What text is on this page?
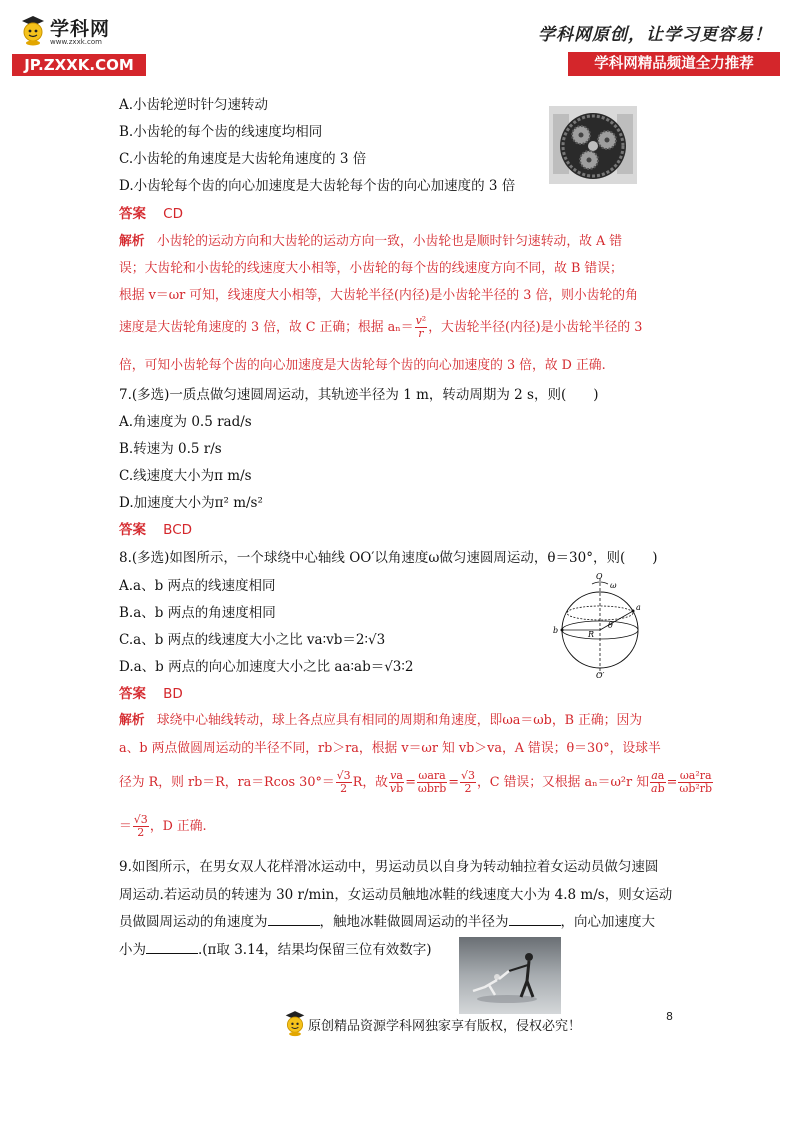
学科网
www.zxxk.com
JP.ZXXK.COM
学科网原创，让学习更容易！
学科网精品频道全力推荐
A.小齿轮逆时针匀速转动
B.小齿轮的每个齿的线速度均相同
C.小齿轮的角速度是大齿轮角速度的 3 倍
D.小齿轮每个齿的向心加速度是大齿轮每个齿的向心加速度的 3 倍
答案 CD
解析 小齿轮的运动方向和大齿轮的运动方向一致，小齿轮也是顺时针匀速转动，故 A 错
误；大齿轮和小齿轮的线速度大小相等，小齿轮的每个齿的线速度方向不同，故 B 错误；
根据 v＝ωr 可知，线速度大小相等，大齿轮半径(内径)是小齿轮半径的 3 倍，则小齿轮的角
速度是大齿轮角速度的 3 倍，故 C 正确；根据 $a_n= \frac{\text{v²}}{r}$ ，大齿轮半径(内径)是小齿轮半径的 3
倍，可知小齿轮每个齿的向心加速度是大齿轮每个齿的向心加速度的 3 倍，故 D 正确.
7.(多选)一质点做匀速圆周运动，其轨迹半径为 1 m，转动周期为 2 s，则(　　)
A.角速度为 0.5 rad/s
B.转速为 0.5 r/s
C.线速度大小为π m/s
D.加速度大小为π² m/s²
答案 BCD
8.(多选)如图所示，一个球绕中心轴线 OO′以角速度ω做匀速圆周运动，θ＝30°，则(　　)
A.a、b 两点的线速度相同
B.a、b 两点的角速度相同
C.a、b 两点的线速度大小之比 va∶vb＝2∶√3
D.a、b 两点的向心加速度大小之比 aa∶ab＝√3∶2
O
ω
a
b	R
θ
O′
答案 BD
解析 球绕中心轴线转动，球上各点应具有相同的周期和角速度，即ωa＝ωb，B 正确；因为
a、b 两点做圆周运动的半径不同，rb＞ra，根据 v＝ωr 知 vb＞va，A 错误；θ＝30°，设球半
径为 R，则 rb＝R，ra＝Rcos $30^\circ= \frac{√3}{2}$ R，故 $\frac{va}{vb} = \frac{\text{ωara}}{\text{ωbrb}} = \frac{√3}{2}$ ，C 错误；又根据 aₙ＝ω²r 知 $\frac{aa}{ab} = \frac{\text{ωa²ra}}{\text{ωb²rb}}$
＝ $\frac{√3}{2}$ ，D 正确.
9.如图所示，在男女双人花样滑冰运动中，男运动员以自身为转动轴拉着女运动员做匀速圆
周运动.若运动员的转速为 30 r/min，女运动员触地冰鞋的线速度大小为 4.8 m/s，则女运动
员做圆周运动的角速度为	，触地冰鞋做圆周运动的半径为	，向心加速度大
小为	.(π取 3.14，结果均保留三位有效数字)
8
原创精品资源学科网独家享有版权，侵权必究！
